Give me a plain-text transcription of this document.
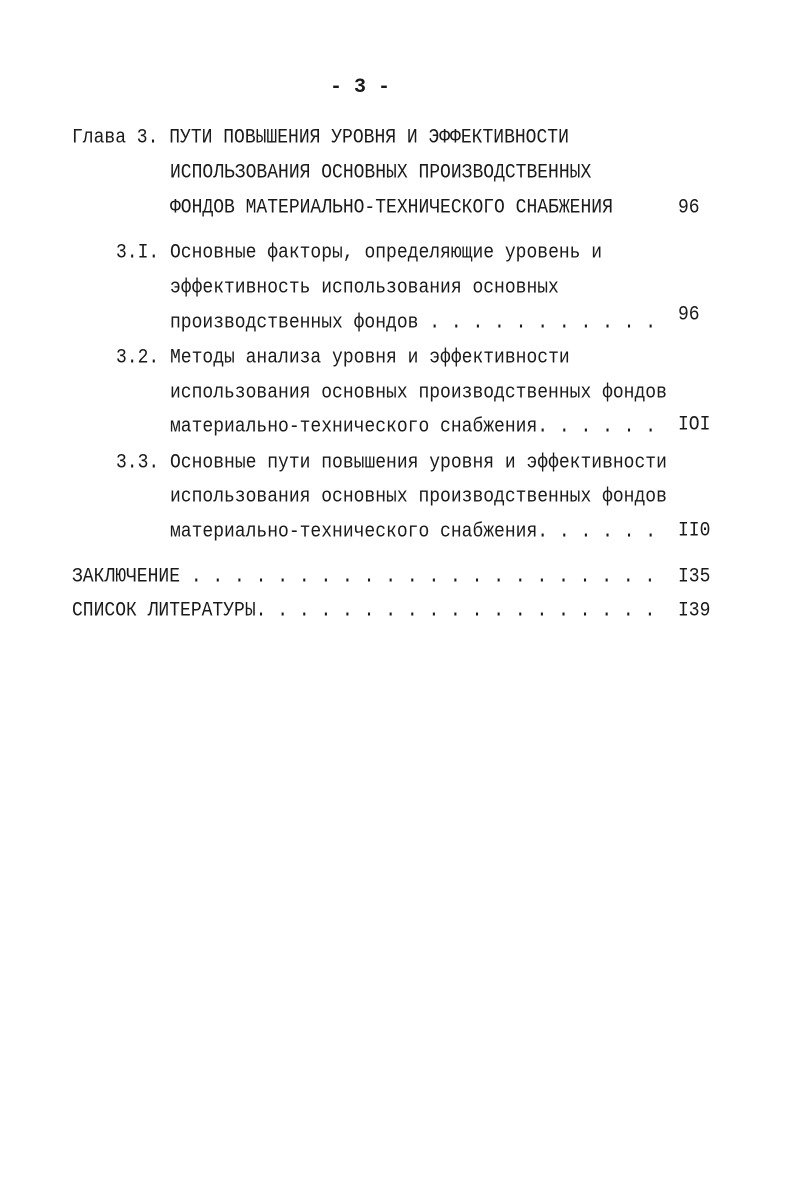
- 3 -
Глава 3. ПУТИ ПОВЫШЕНИЯ УРОВНЯ И ЭФФЕКТИВНОСТИ
ИСПОЛЬЗОВАНИЯ ОСНОВНЫХ ПРОИЗВОДСТВЕННЫХ
ФОНДОВ МАТЕРИАЛЬНО-ТЕХНИЧЕСКОГО СНАБЖЕНИЯ	96
3.I. Основные факторы, определяющие уровень и
эффективность использования основных
производственных фондов . . . . . . . . . . . 96
3.2. Методы анализа уровня и эффективности
использования основных производственных фондов
материально-технического снабжения. . . . . . IOI
3.3. Основные пути повышения уровня и эффективности
использования основных производственных фондов
материально-технического снабжения. . . . . . II0
ЗАКЛЮЧЕНИЕ . . . . . . . . . . . . . . . . . . . . . . I35
СПИСОК ЛИТЕРАТУРЫ. . . . . . . . . . . . . . . . . . . I39
